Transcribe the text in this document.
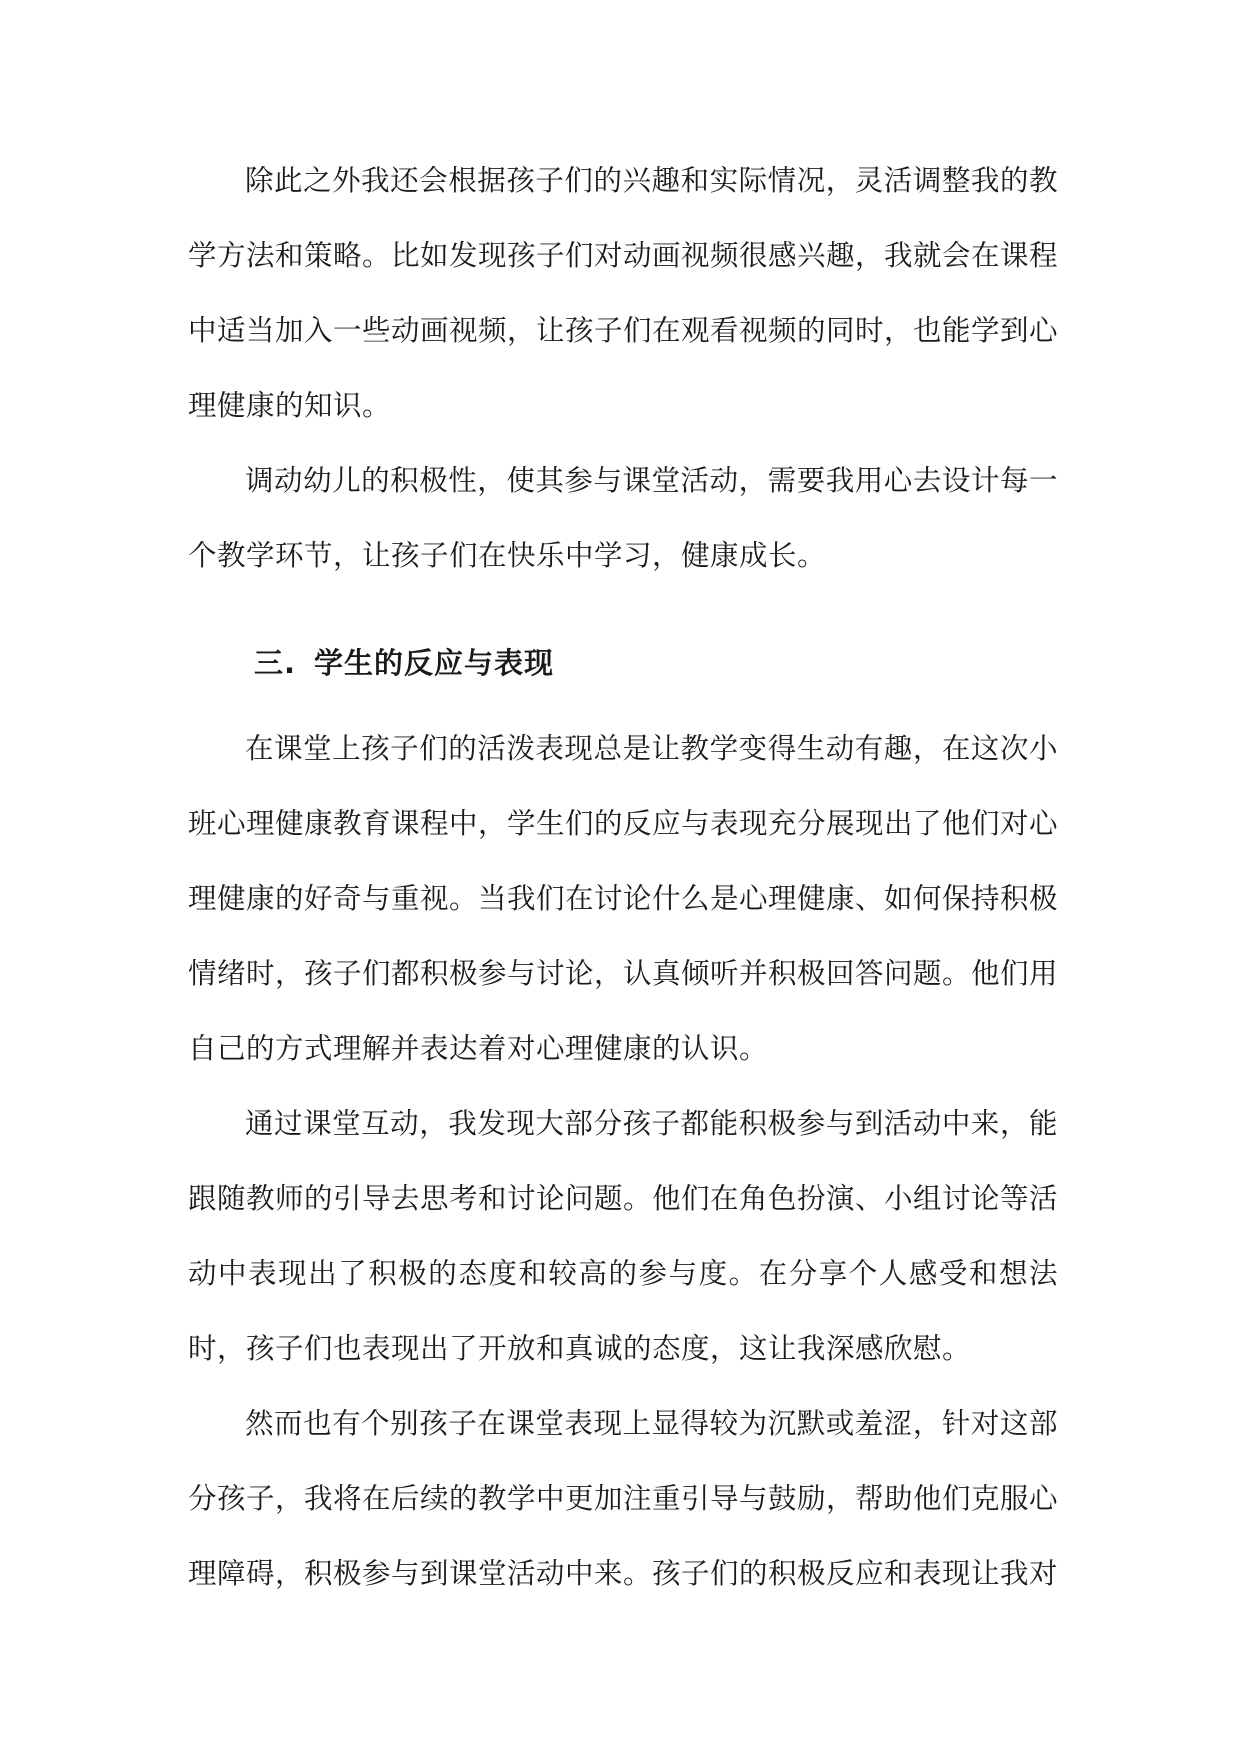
除此之外我还会根据孩子们的兴趣和实际情况，灵活调整我的教学方法和策略。比如发现孩子们对动画视频很感兴趣，我就会在课程中适当加入一些动画视频，让孩子们在观看视频的同时，也能学到心理健康的知识。

调动幼儿的积极性，使其参与课堂活动，需要我用心去设计每一个教学环节，让孩子们在快乐中学习，健康成长。

三. 学生的反应与表现

在课堂上孩子们的活泼表现总是让教学变得生动有趣，在这次小班心理健康教育课程中，学生们的反应与表现充分展现出了他们对心理健康的好奇与重视。当我们在讨论什么是心理健康、如何保持积极情绪时，孩子们都积极参与讨论，认真倾听并积极回答问题。他们用自己的方式理解并表达着对心理健康的认识。

通过课堂互动，我发现大部分孩子都能积极参与到活动中来，能跟随教师的引导去思考和讨论问题。他们在角色扮演、小组讨论等活动中表现出了积极的态度和较高的参与度。在分享个人感受和想法时，孩子们也表现出了开放和真诚的态度，这让我深感欣慰。

然而也有个别孩子在课堂表现上显得较为沉默或羞涩，针对这部分孩子，我将在后续的教学中更加注重引导与鼓励，帮助他们克服心理障碍，积极参与到课堂活动中来。孩子们的积极反应和表现让我对
